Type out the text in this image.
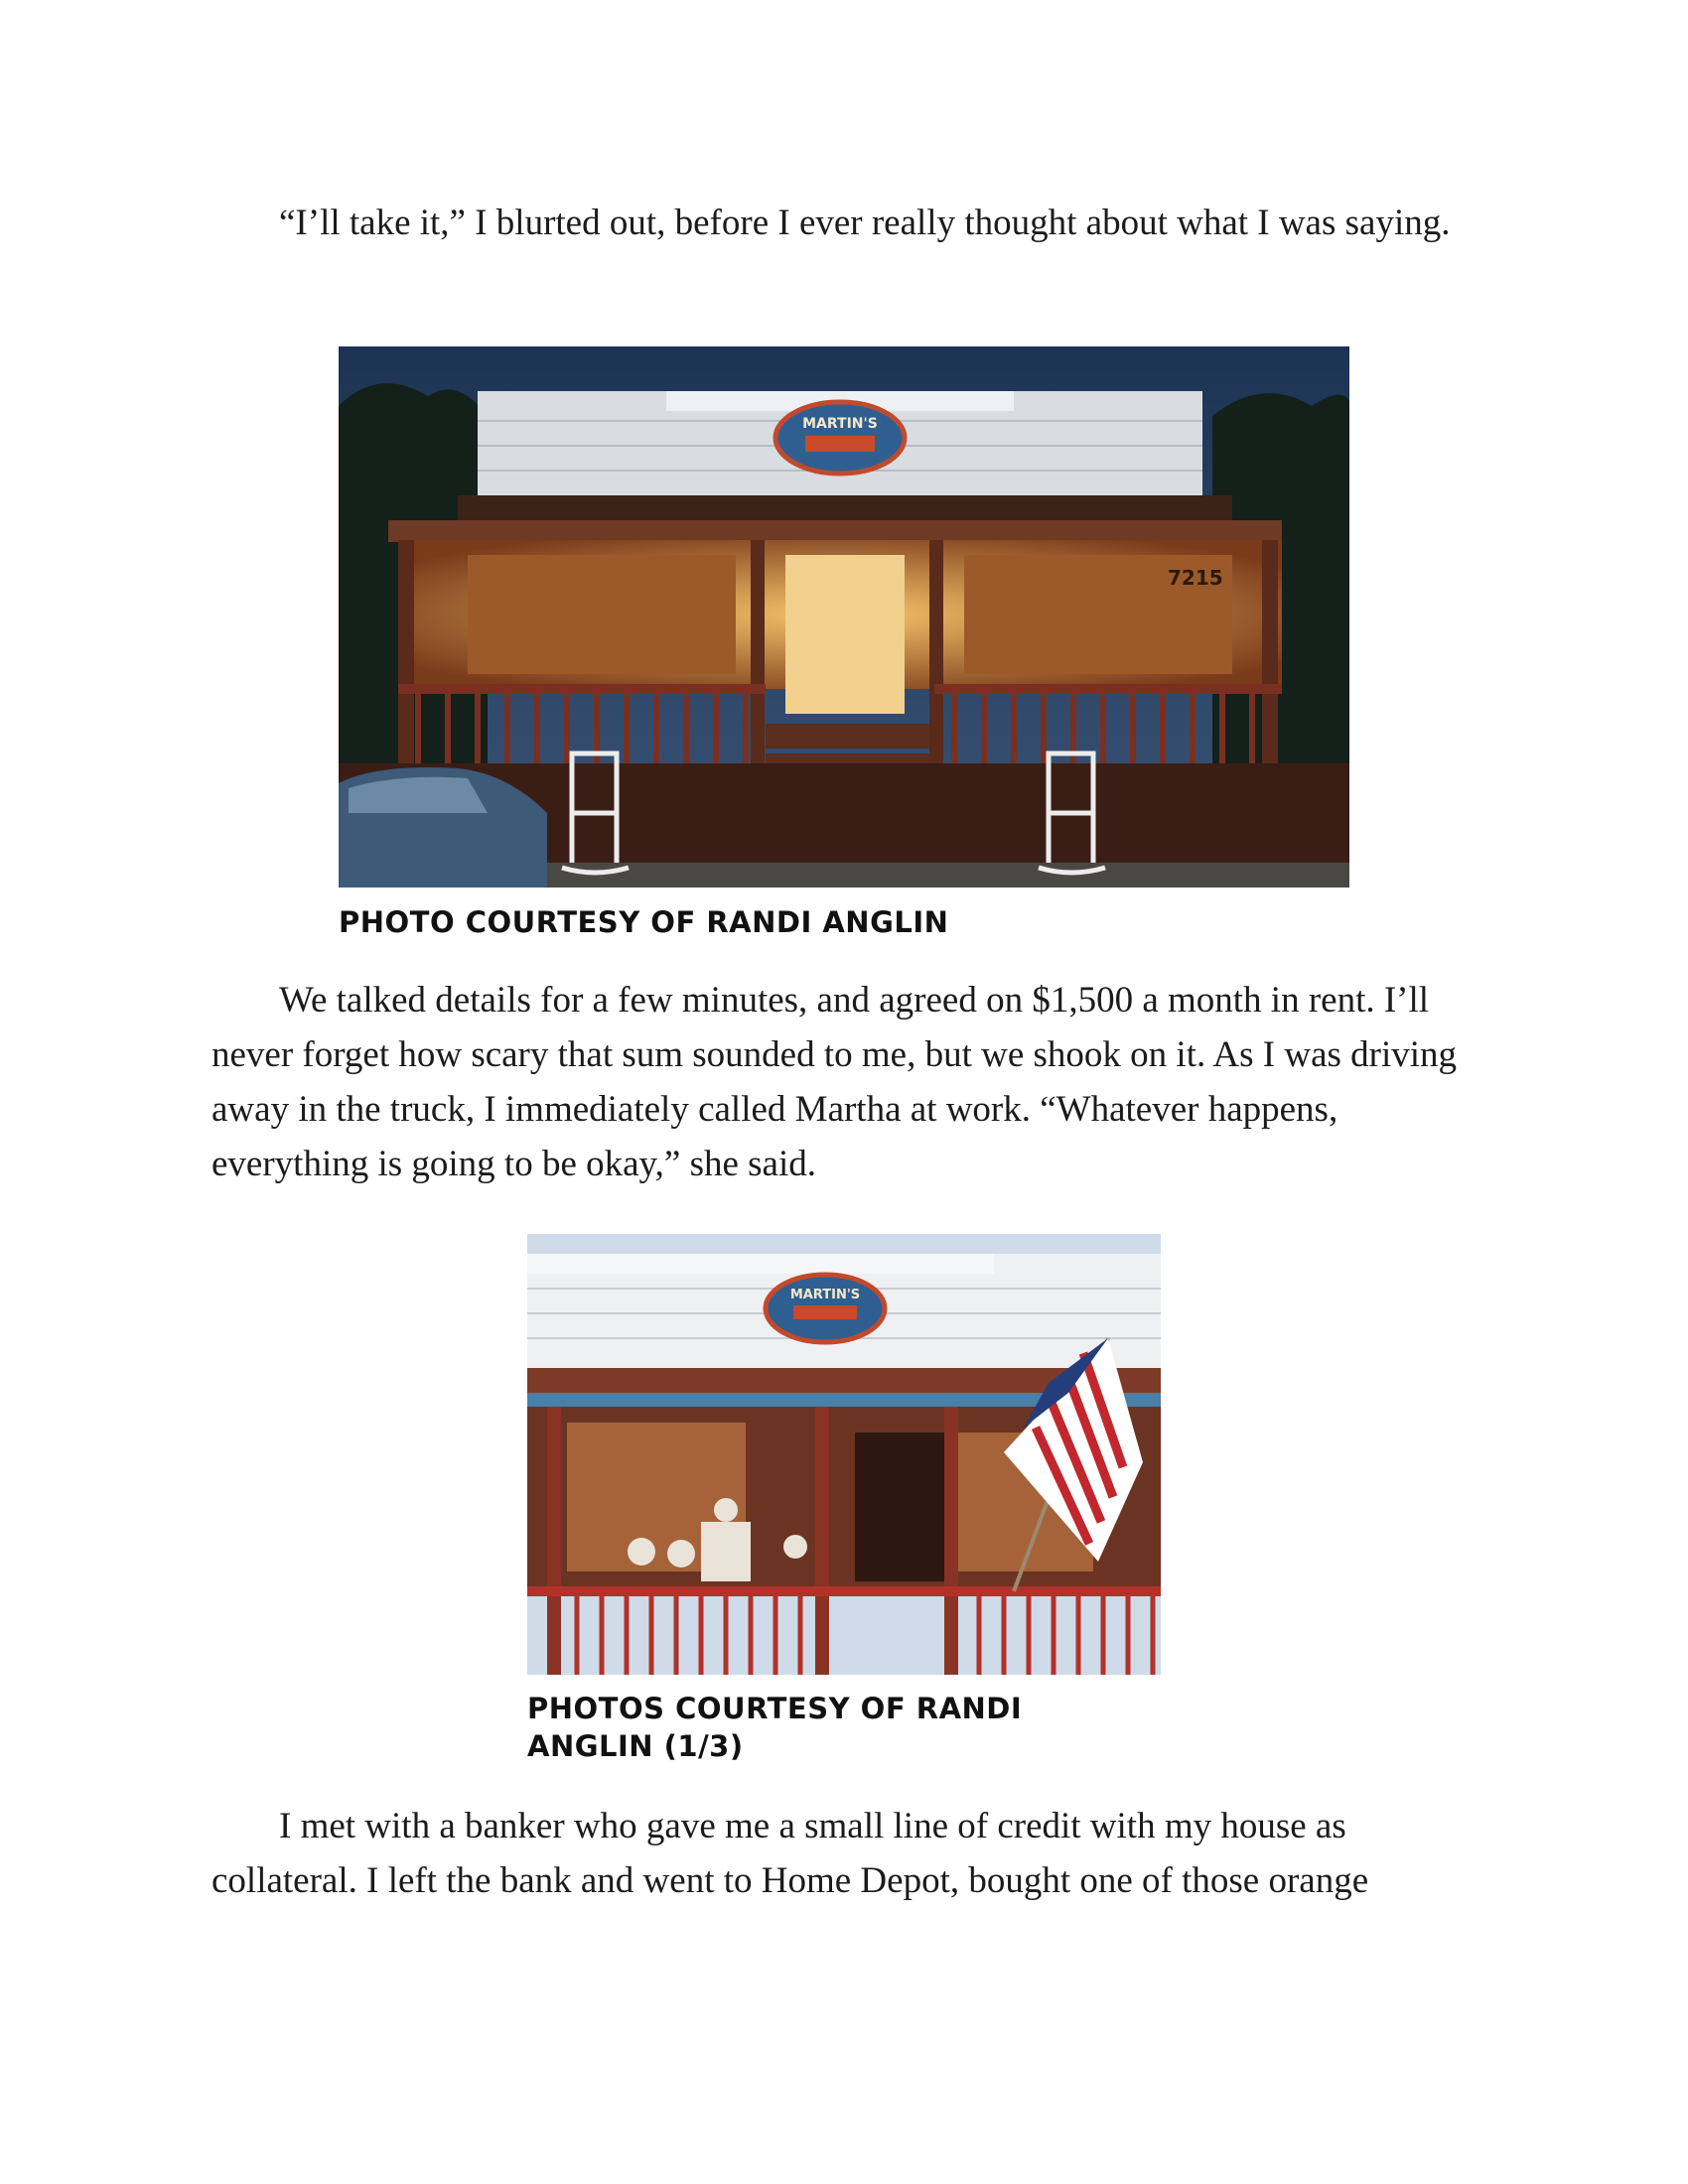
“I’ll take it,” I blurted out, before I ever really thought about what I was saying.

MARTIN'S
7215

PHOTO COURTESY OF RANDI ANGLIN

We talked details for a few minutes, and agreed on $1,500 a month in rent. I’ll never forget how scary that sum sounded to me, but we shook on it. As I was driving away in the truck, I immediately called Martha at work. “Whatever happens, everything is going to be okay,” she said.

MARTIN'S

PHOTOS COURTESY OF RANDI

ANGLIN (1/3)

I met with a banker who gave me a small line of credit with my house as collateral. I left the bank and went to Home Depot, bought one of those orange
